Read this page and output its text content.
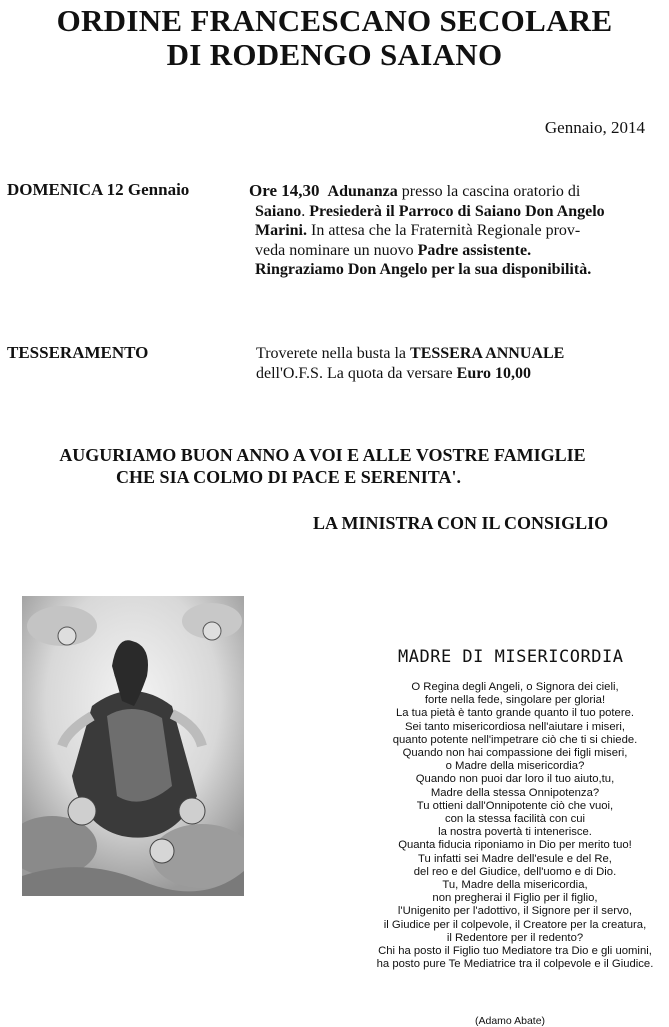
ORDINE FRANCESCANO SECOLARE
DI RODENGO SAIANO
Gennaio, 2014
DOMENICA 12 Gennaio	Ore 14,30 Adunanza presso la cascina oratorio di
Saiano. Presiederà il Parroco di Saiano Don Angelo
Marini. In attesa che la Fraternità Regionale prov-
veda nominare un nuovo Padre assistente.
Ringraziamo Don Angelo per la sua disponibilità.
TESSERAMENTO	Troverete nella busta la TESSERA ANNUALE
dell'O.F.S. La quota da versare Euro 10,00
AUGURIAMO BUON ANNO A VOI E ALLE VOSTRE FAMIGLIE
CHE SIA COLMO DI PACE E SERENITA'.
LA MINISTRA CON IL CONSIGLIO
MADRE DI MISERICORDIA
O Regina degli Angeli, o Signora dei cieli,
forte nella fede, singolare per gloria!
La tua pietà è tanto grande quanto il tuo potere.
Sei tanto misericordiosa nell'aiutare i miseri,
quanto potente nell'impetrare ciò che ti si chiede.
Quando non hai compassione dei figli miseri,
o Madre della misericordia?
Quando non puoi dar loro il tuo aiuto,tu,
Madre della stessa Onnipotenza?
Tu ottieni dall'Onnipotente ciò che vuoi,
con la stessa facilità con cui
la nostra povertà ti intenerisce.
Quanta fiducia riponiamo in Dio per merito tuo!
Tu infatti sei Madre dell'esule e del Re,
del reo e del Giudice, dell'uomo e di Dio.
Tu, Madre della misericordia,
non pregherai il Figlio per il figlio,
l'Unigenito per l'adottivo, il Signore per il servo,
il Giudice per il colpevole, il Creatore per la creatura,
il Redentore per il redento?
Chi ha posto il Figlio tuo Mediatore tra Dio e gli uomini,
ha posto pure Te Mediatrice tra il colpevole e il Giudice.
(Adamo Abate)
